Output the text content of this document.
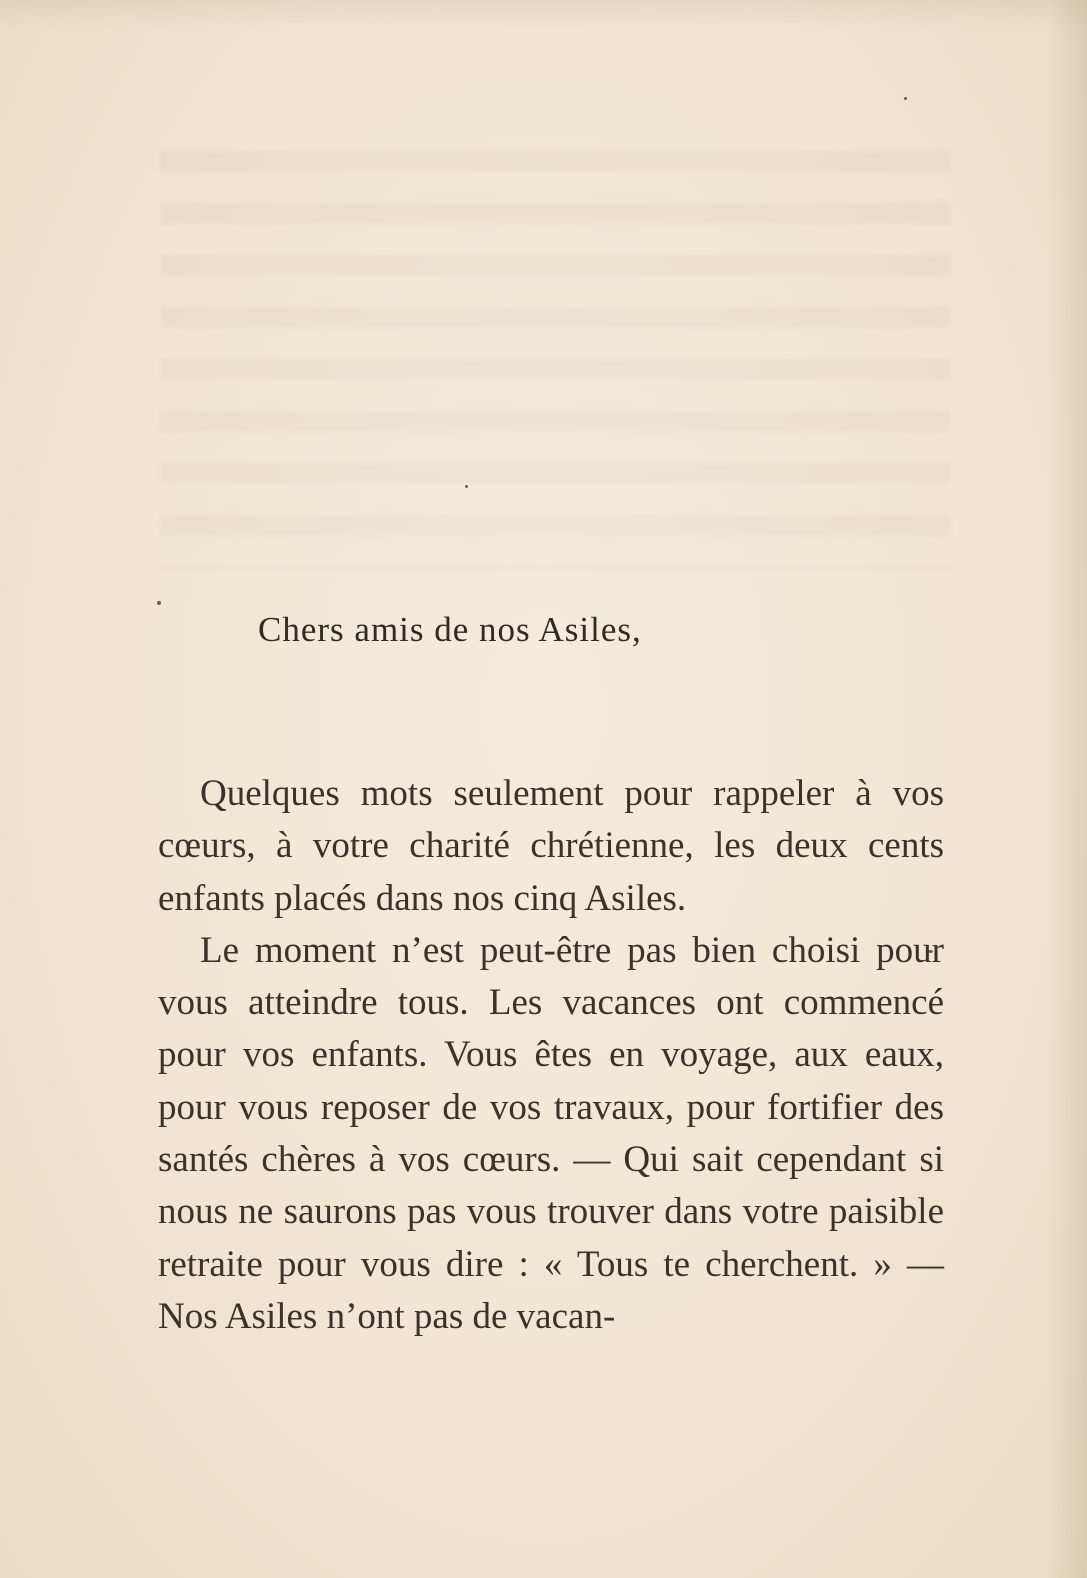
Chers amis de nos Asiles,

Quelques mots seulement pour rappeler à vos cœurs, à votre charité chrétienne, les deux cents enfants placés dans nos cinq Asiles.

Le moment n’est peut-être pas bien choisi pour vous atteindre tous. Les vacances ont commencé pour vos enfants. Vous êtes en voyage, aux eaux, pour vous reposer de vos travaux, pour fortifier des santés chères à vos cœurs. — Qui sait cependant si nous ne saurons pas vous trouver dans votre paisible retraite pour vous dire : « Tous te cherchent. » — Nos Asiles n’ont pas de vacan-
